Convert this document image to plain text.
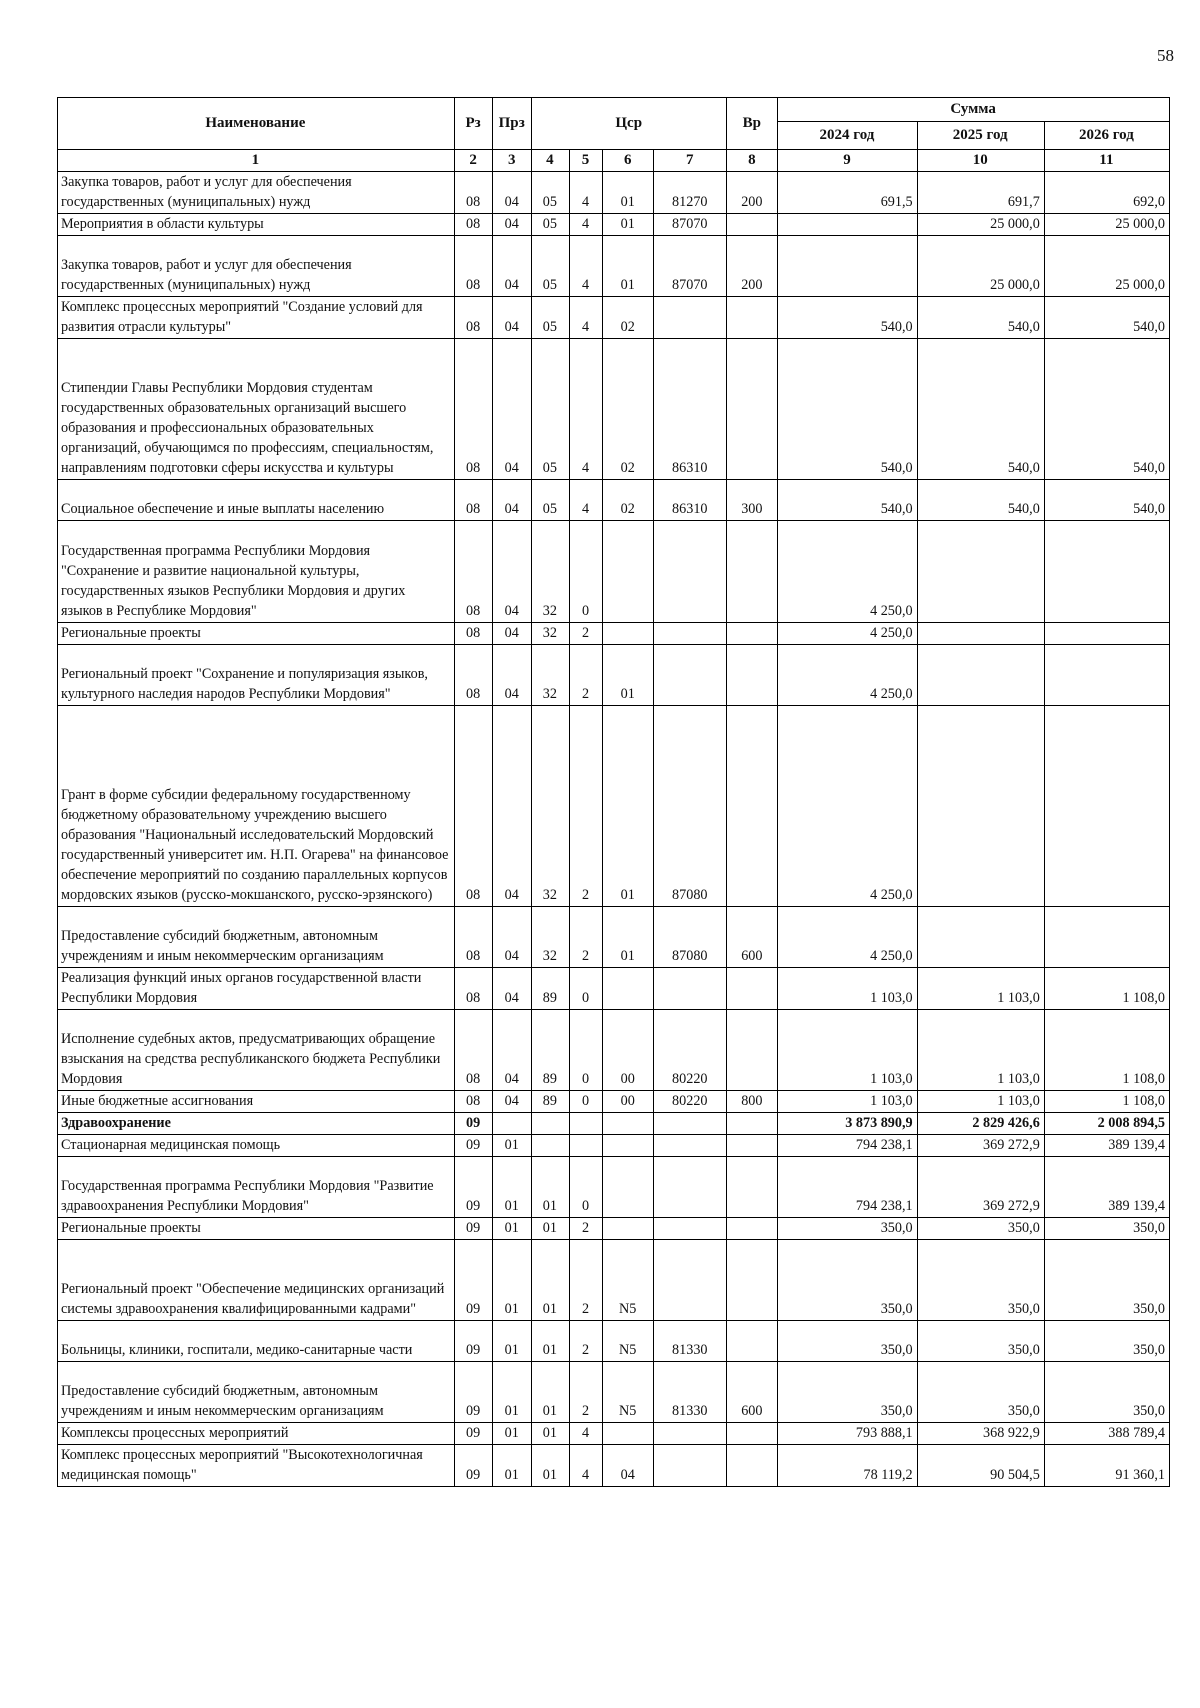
58
Наименование	Рз	Прз	Цср				Вр	Сумма		
								2024 год	2025 год	2026 год
1	2	3	4	5	6	7	8	9	10	11
Закупка товаров, работ и услуг для обеспечения государственных (муниципальных) нужд	08	04	05	4	01	81270	200	691,5	691,7	692,0
Мероприятия в области культуры	08	04	05	4	01	87070			25 000,0	25 000,0
Закупка товаров, работ и услуг для обеспечения государственных (муниципальных) нужд	08	04	05	4	01	87070	200		25 000,0	25 000,0
Комплекс процессных мероприятий "Создание условий для развития отрасли культуры"	08	04	05	4	02			540,0	540,0	540,0
Стипендии Главы Республики Мордовия студентам государственных образовательных организаций высшего образования и профессиональных образовательных организаций, обучающимся по профессиям, специальностям, направлениям подготовки сферы искусства и культуры	08	04	05	4	02	86310		540,0	540,0	540,0
Социальное обеспечение и иные выплаты населению	08	04	05	4	02	86310	300	540,0	540,0	540,0
Государственная программа Республики Мордовия "Сохранение и развитие национальной культуры, государственных языков Республики Мордовия и других языков в Республике Мордовия"	08	04	32	0				4 250,0		
Региональные проекты	08	04	32	2				4 250,0		
Региональный проект "Сохранение и популяризация языков, культурного наследия народов Республики Мордовия"	08	04	32	2	01			4 250,0		
Грант в форме субсидии федеральному государственному бюджетному образовательному учреждению высшего образования "Национальный исследовательский Мордовский государственный университет им. Н.П. Огарева" на финансовое обеспечение мероприятий по созданию параллельных корпусов мордовских языков (русско-мокшанского, русско-эрзянского)	08	04	32	2	01	87080		4 250,0		
Предоставление субсидий бюджетным, автономным учреждениям и иным некоммерческим организациям	08	04	32	2	01	87080	600	4 250,0		
Реализация функций иных органов государственной власти Республики Мордовия	08	04	89	0				1 103,0	1 103,0	1 108,0
Исполнение судебных актов, предусматривающих обращение взыскания на средства республиканского бюджета Республики Мордовия	08	04	89	0	00	80220		1 103,0	1 103,0	1 108,0
Иные бюджетные ассигнования	08	04	89	0	00	80220	800	1 103,0	1 103,0	1 108,0
Здравоохранение	09							3 873 890,9	2 829 426,6	2 008 894,5
Стационарная медицинская помощь	09	01						794 238,1	369 272,9	389 139,4
Государственная программа Республики Мордовия "Развитие здравоохранения Республики Мордовия"	09	01	01	0				794 238,1	369 272,9	389 139,4
Региональные проекты	09	01	01	2				350,0	350,0	350,0
Региональный проект "Обеспечение медицинских организаций системы здравоохранения квалифицированными кадрами"	09	01	01	2	N5			350,0	350,0	350,0
Больницы, клиники, госпитали, медико-санитарные части	09	01	01	2	N5	81330		350,0	350,0	350,0
Предоставление субсидий бюджетным, автономным учреждениям и иным некоммерческим организациям	09	01	01	2	N5	81330	600	350,0	350,0	350,0
Комплексы процессных мероприятий	09	01	01	4				793 888,1	368 922,9	388 789,4
Комплекс процессных мероприятий "Высокотехнологичная медицинская помощь"	09	01	01	4	04			78 119,2	90 504,5	91 360,1
